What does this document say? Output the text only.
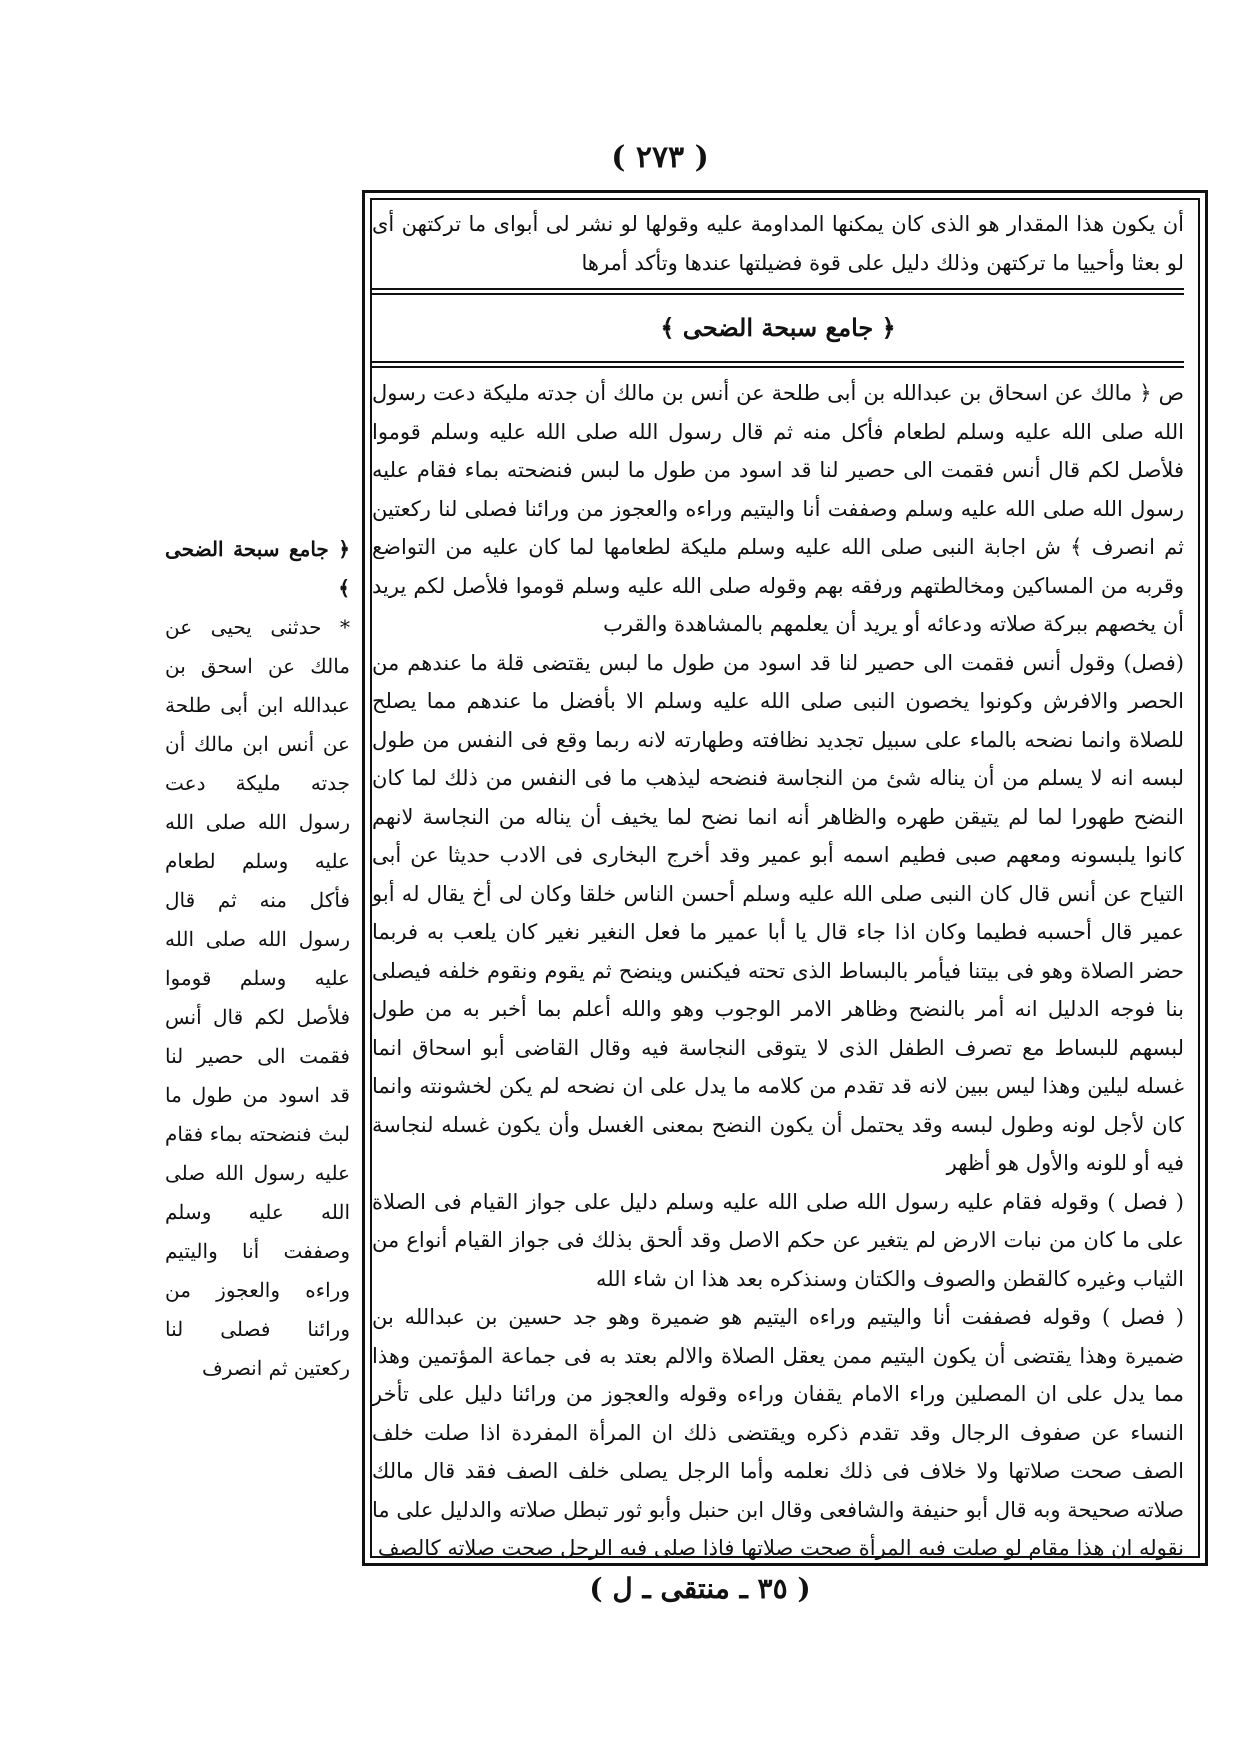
( ٢٧٣ )

أن يكون هذا المقدار هو الذى كان يمكنها المداومة عليه وقولها لو نشر لى أبواى ما تركتهن أى لو بعثا وأحييا ما تركتهن وذلك دليل على قوة فضيلتها عندها وتأكد أمرها

﴿ جامع سبحة الضحى ﴾

ص ﴿ مالك عن اسحاق بن عبدالله بن أبى طلحة عن أنس بن مالك أن جدته مليكة دعت رسول الله صلى الله عليه وسلم لطعام فأكل منه ثم قال رسول الله صلى الله عليه وسلم قوموا فلأصل لكم قال أنس فقمت الى حصير لنا قد اسود من طول ما لبس فنضحته بماء فقام عليه رسول الله صلى الله عليه وسلم وصففت أنا واليتيم وراءه والعجوز من ورائنا فصلى لنا ركعتين ثم انصرف ﴾ ش اجابة النبى صلى الله عليه وسلم مليكة لطعامها لما كان عليه من التواضع وقربه من المساكين ومخالطتهم ورفقه بهم وقوله صلى الله عليه وسلم قوموا فلأصل لكم يريد أن يخصهم ببركة صلاته ودعائه أو يريد أن يعلمهم بالمشاهدة والقرب

(فصل) وقول أنس فقمت الى حصير لنا قد اسود من طول ما لبس يقتضى قلة ما عندهم من الحصر والافرش وكونوا يخصون النبى صلى الله عليه وسلم الا بأفضل ما عندهم مما يصلح للصلاة وانما نضحه بالماء على سبيل تجديد نظافته وطهارته لانه ربما وقع فى النفس من طول لبسه انه لا يسلم من أن يناله شئ من النجاسة فنضحه ليذهب ما فى النفس من ذلك لما كان النضح طهورا لما لم يتيقن طهره والظاهر أنه انما نضح لما يخيف أن يناله من النجاسة لانهم كانوا يلبسونه ومعهم صبى فطيم اسمه أبو عمير وقد أخرج البخارى فى الادب حديثا عن أبى التياح عن أنس قال كان النبى صلى الله عليه وسلم أحسن الناس خلقا وكان لى أخ يقال له أبو عمير قال أحسبه فطيما وكان اذا جاء قال يا أبا عمير ما فعل النغير نغير كان يلعب به فربما حضر الصلاة وهو فى بيتنا فيأمر بالبساط الذى تحته فيكنس وينضح ثم يقوم ونقوم خلفه فيصلى بنا فوجه الدليل انه أمر بالنضح وظاهر الامر الوجوب وهو والله أعلم بما أخبر به من طول لبسهم للبساط مع تصرف الطفل الذى لا يتوقى النجاسة فيه وقال القاضى أبو اسحاق انما غسله ليلين وهذا ليس ببين لانه قد تقدم من كلامه ما يدل على ان نضحه لم يكن لخشونته وانما كان لأجل لونه وطول لبسه وقد يحتمل أن يكون النضح بمعنى الغسل وأن يكون غسله لنجاسة فيه أو للونه والأول هو أظهر

( فصل ) وقوله فقام عليه رسول الله صلى الله عليه وسلم دليل على جواز القيام فى الصلاة على ما كان من نبات الارض لم يتغير عن حكم الاصل وقد ألحق بذلك فى جواز القيام أنواع من الثياب وغيره كالقطن والصوف والكتان وسنذكره بعد هذا ان شاء الله

( فصل ) وقوله فصففت أنا واليتيم وراءه اليتيم هو ضميرة وهو جد حسين بن عبدالله بن ضميرة وهذا يقتضى أن يكون اليتيم ممن يعقل الصلاة والالم بعتد به فى جماعة المؤتمين وهذا مما يدل على ان المصلين وراء الامام يقفان وراءه وقوله والعجوز من ورائنا دليل على تأخر النساء عن صفوف الرجال وقد تقدم ذكره ويقتضى ذلك ان المرأة المفردة اذا صلت خلف الصف صحت صلاتها ولا خلاف فى ذلك نعلمه وأما الرجل يصلى خلف الصف فقد قال مالك صلاته صحيحة وبه قال أبو حنيفة والشافعى وقال ابن حنبل وأبو ثور تبطل صلاته والدليل على ما نقوله ان هذا مقام لو صلت فيه المرأة صحت صلاتها فاذا صلى فيه الرجل صحت صلاته كالصف

﴿ جامع سبحة الضحى ﴾
* حدثنى يحيى عن مالك عن اسحق بن عبدالله ابن أبى طلحة عن أنس ابن مالك أن جدته مليكة دعت رسول الله صلى الله عليه وسلم لطعام فأكل منه ثم قال رسول الله صلى الله عليه وسلم قوموا فلأصل لكم قال أنس فقمت الى حصير لنا قد اسود من طول ما لبث فنضحته بماء فقام عليه رسول الله صلى الله عليه وسلم وصففت أنا واليتيم وراءه والعجوز من ورائنا فصلى لنا ركعتين ثم انصرف
( ٣٥ ـ منتقى ـ ل )
